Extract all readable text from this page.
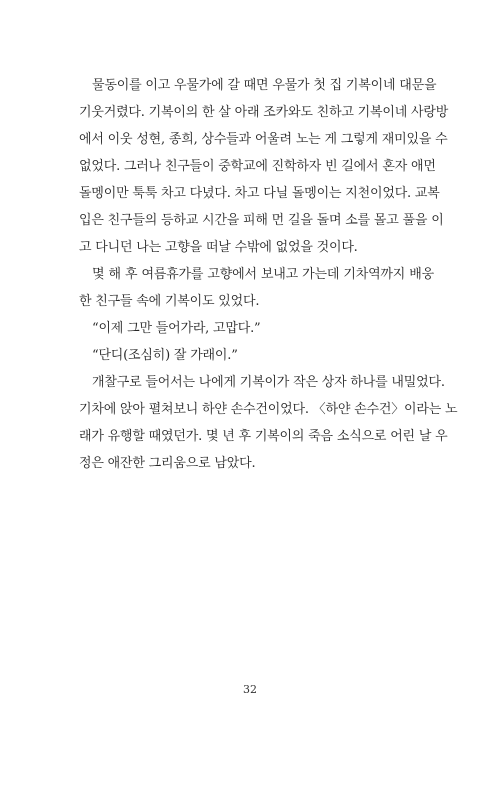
물동이를 이고 우물가에 갈 때면 우물가 첫 집 기복이네 대문을
기웃거렸다. 기복이의 한 살 아래 조카와도 친하고 기복이네 사랑방
에서 이웃 성현, 종희, 상수들과 어울려 노는 게 그렇게 재미있을 수
없었다. 그러나 친구들이 중학교에 진학하자 빈 길에서 혼자 애먼
돌멩이만 툭툭 차고 다녔다. 차고 다닐 돌멩이는 지천이었다. 교복
입은 친구들의 등하교 시간을 피해 먼 길을 돌며 소를 몰고 풀을 이
고 다니던 나는 고향을 떠날 수밖에 없었을 것이다.
몇 해 후 여름휴가를 고향에서 보내고 가는데 기차역까지 배웅
한 친구들 속에 기복이도 있었다.
“이제 그만 들어가라, 고맙다.”
“단디(조심히) 잘 가래이.”
개찰구로 들어서는 나에게 기복이가 작은 상자 하나를 내밀었다.
기차에 앉아 펼쳐보니 하얀 손수건이었다. 〈하얀 손수건〉이라는 노
래가 유행할 때였던가. 몇 년 후 기복이의 죽음 소식으로 어린 날 우
정은 애잔한 그리움으로 남았다.
32
